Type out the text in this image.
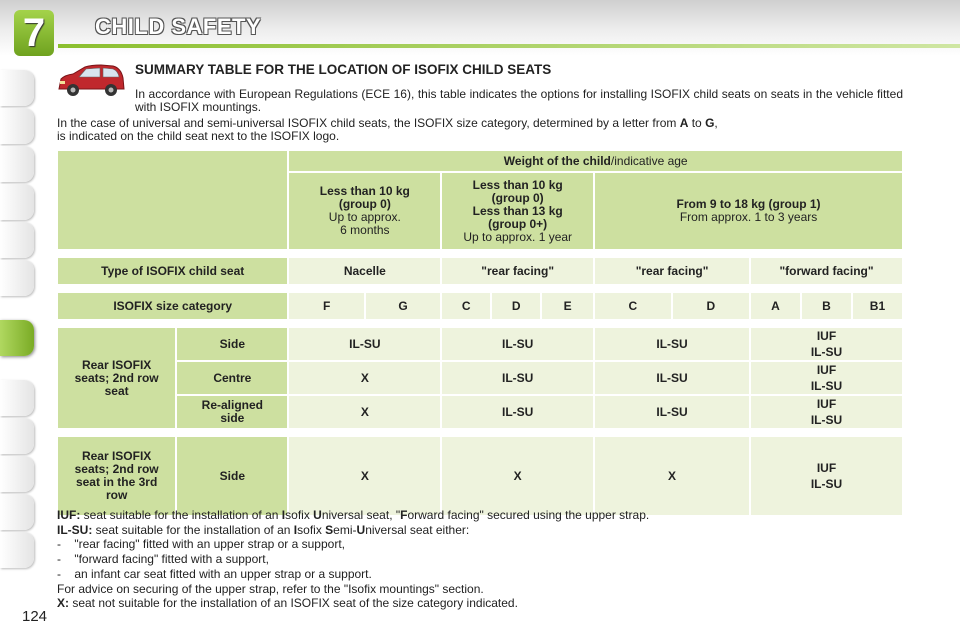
7	CHILD SAFETY
SUMMARY TABLE FOR THE LOCATION OF ISOFIX CHILD SEATS
In accordance with European Regulations (ECE 16), this table indicates the options for installing ISOFIX child seats on seats in the vehicle fitted with ISOFIX mountings.
In the case of universal and semi-universal ISOFIX child seats, the ISOFIX size category, determined by a letter from A to G,
is indicated on the child seat next to the ISOFIX logo.
		Weight of the child/indicative age									
		Less than 10 kg
(group 0)
Up to approx.
6 months		Less than 10 kg
(group 0)
Less than 13 kg
(group 0+)
Up to approx. 1 year			From 9 to 18 kg (group 1)
From approx. 1 to 3 years				

Type of ISOFIX child seat		Nacelle		"rear facing"			"rear facing"		"forward facing"		

ISOFIX size category		F	G	C	D	E	C	D	A	B	B1

Rear ISOFIX
seats; 2nd row
seat	Side	IL-SU		IL-SU			IL-SU		IUF
IL-SU		

	Centre	X		IL-SU			IL-SU		IUF
IL-SU		

	Re-aligned
side	X		IL-SU			IL-SU		IUF
IL-SU		

Rear ISOFIX
seats; 2nd row
seat in the 3rd
row	Side	X		X			X		IUF
IL-SU		

IUF: seat suitable for the installation of an Isofix Universal seat, "Forward facing" secured using the upper strap.

IL-SU: seat suitable for the installation of an Isofix Semi-Universal seat either:

-    "rear facing" fitted with an upper strap or a support,

-    "forward facing" fitted with a support,

-    an infant car seat fitted with an upper strap or a support.

For advice on securing of the upper strap, refer to the "Isofix mountings" section.

X: seat not suitable for the installation of an ISOFIX seat of the size category indicated.

124
